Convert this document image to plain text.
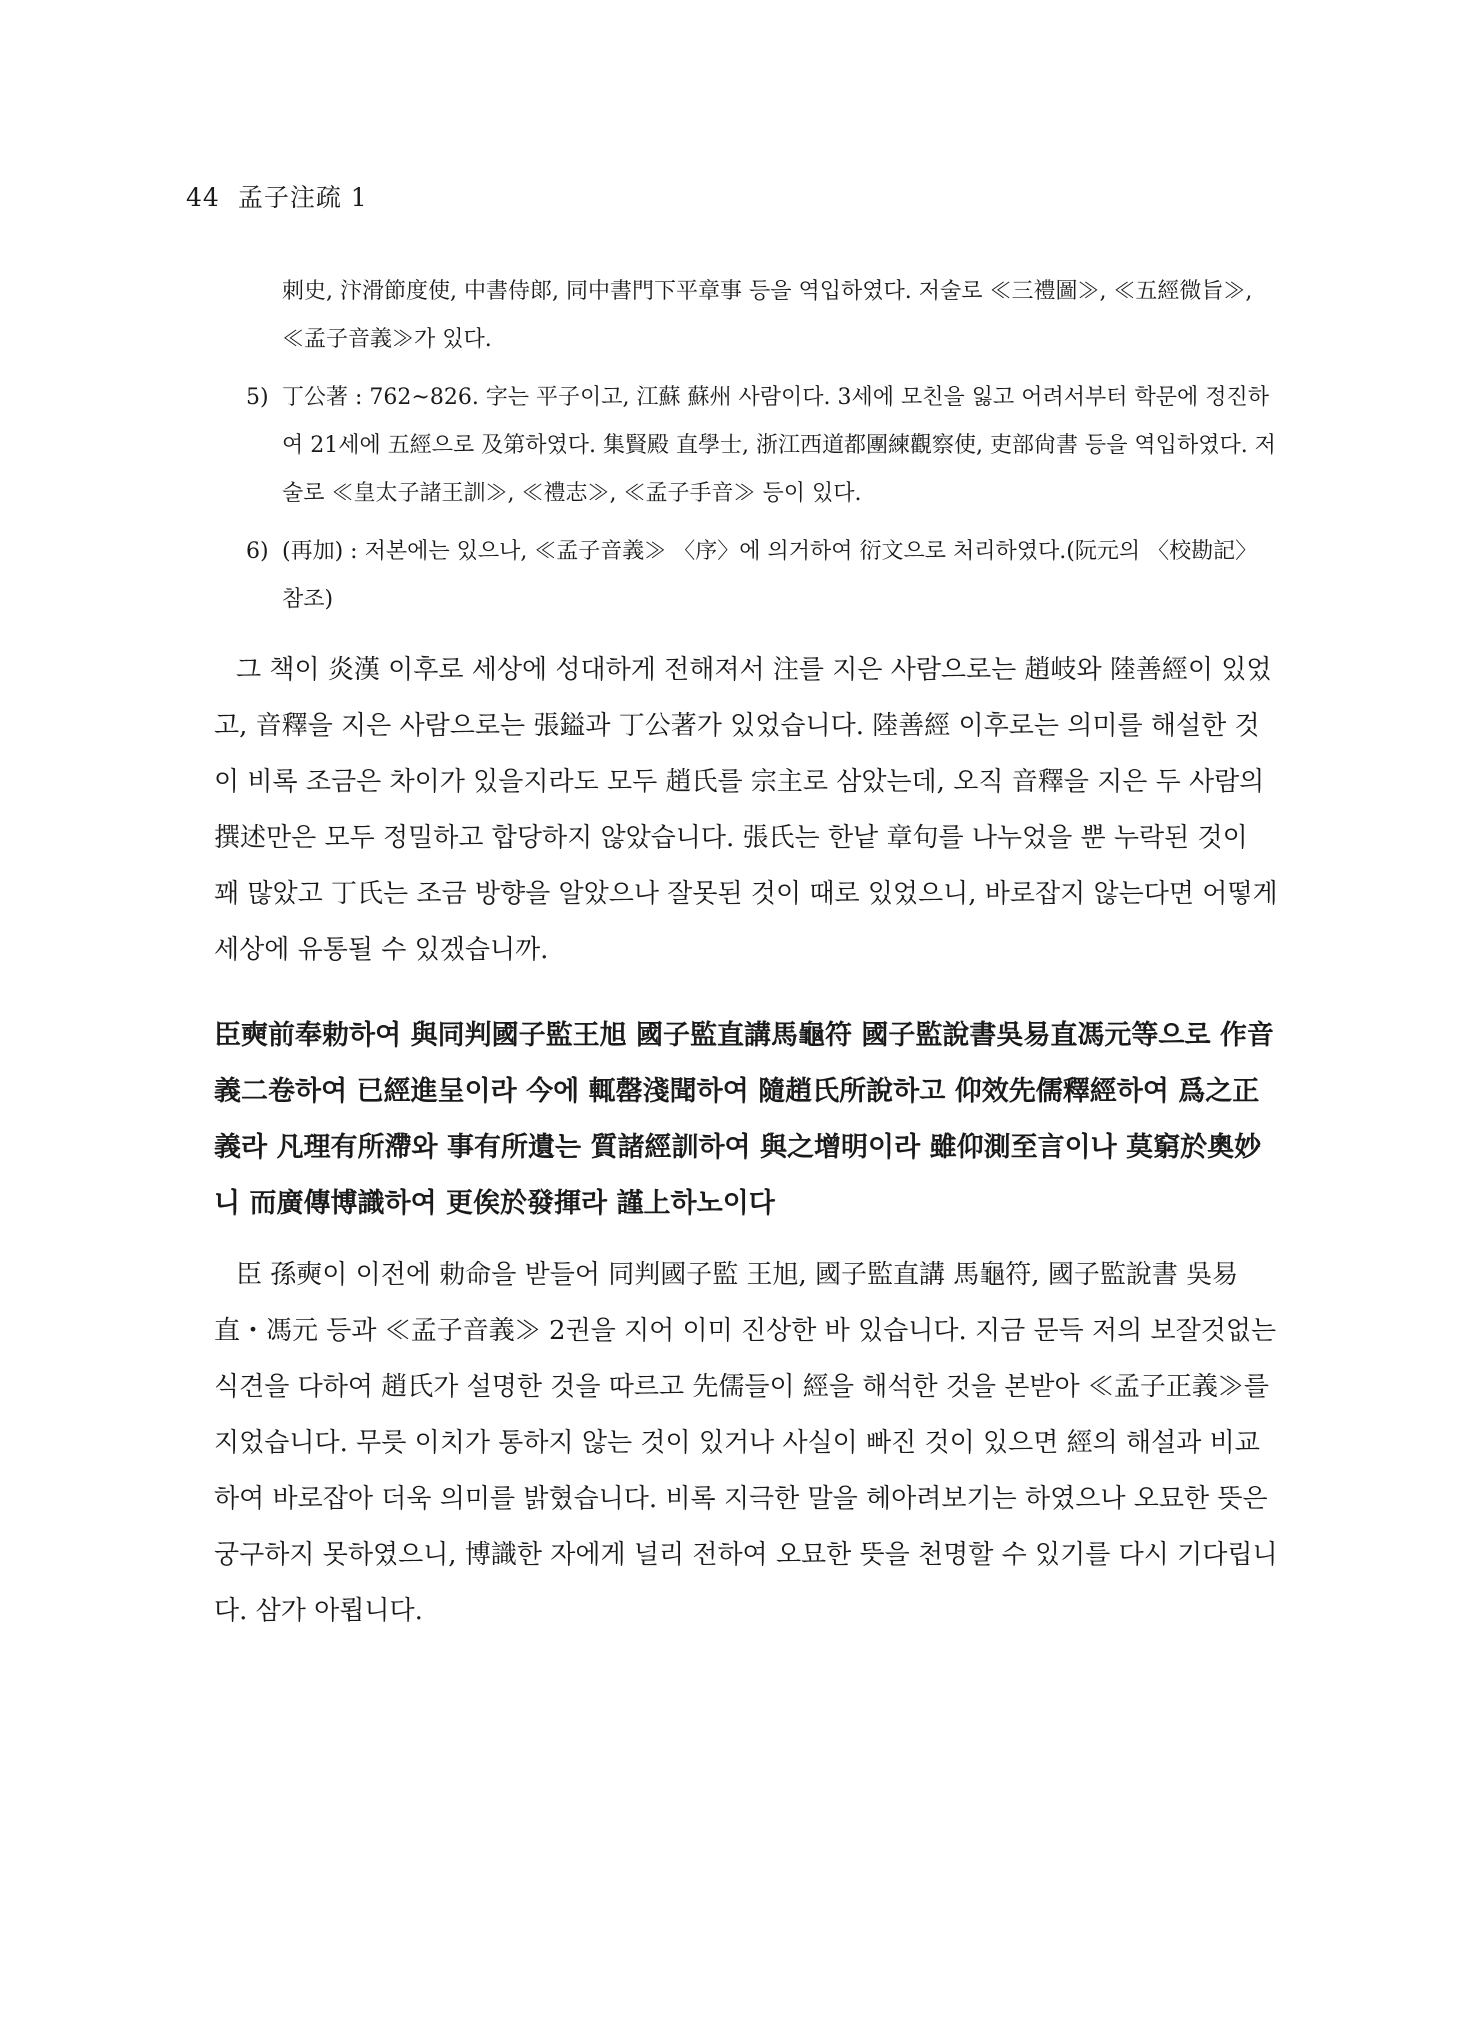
44 孟子注疏 1
刺史, 汴滑節度使, 中書侍郞, 同中書門下平章事 등을 역입하였다. 저술로 ≪三禮圖≫, ≪五經微旨≫, ≪孟子音義≫가 있다.
5) 丁公著 : 762~826. 字는 平子이고, 江蘇 蘇州 사람이다. 3세에 모친을 잃고 어려서부터 학문에 정진하여 21세에 五經으로 及第하였다. 集賢殿 直學士, 浙江西道都團練觀察使, 吏部尙書 등을 역입하였다. 저술로 ≪皇太子諸王訓≫, ≪禮志≫, ≪孟子手音≫ 등이 있다.
6) (再加) : 저본에는 있으나, ≪孟子音義≫ 〈序〉에 의거하여 衍文으로 처리하였다.(阮元의 〈校勘記〉 참조)

그 책이 炎漢 이후로 세상에 성대하게 전해져서 注를 지은 사람으로는 趙岐와 陸善經이 있었고, 音釋을 지은 사람으로는 張鎰과 丁公著가 있었습니다. 陸善經 이후로는 의미를 해설한 것이 비록 조금은 차이가 있을지라도 모두 趙氏를 宗主로 삼았는데, 오직 音釋을 지은 두 사람의 撰述만은 모두 정밀하고 합당하지 않았습니다. 張氏는 한낱 章句를 나누었을 뿐 누락된 것이 꽤 많았고 丁氏는 조금 방향을 알았으나 잘못된 것이 때로 있었으니, 바로잡지 않는다면 어떻게 세상에 유통될 수 있겠습니까.

臣奭前奉勅하여 與同判國子監王旭 國子監直講馬龜符 國子監說書吳易直馮元等으로 作音義二卷하여 已經進呈이라 今에 輒罄淺聞하여 隨趙氏所說하고 仰效先儒釋經하여 爲之正義라 凡理有所滯와 事有所遺는 質諸經訓하여 與之增明이라 雖仰測至言이나 莫窮於奧妙니 而廣傳博識하여 更俟於發揮라 謹上하노이다

臣 孫奭이 이전에 勅命을 받들어 同判國子監 王旭, 國子監直講 馬龜符, 國子監說書 吳易直・馮元 등과 ≪孟子音義≫ 2권을 지어 이미 진상한 바 있습니다. 지금 문득 저의 보잘것없는 식견을 다하여 趙氏가 설명한 것을 따르고 先儒들이 經을 해석한 것을 본받아 ≪孟子正義≫를 지었습니다. 무릇 이치가 통하지 않는 것이 있거나 사실이 빠진 것이 있으면 經의 해설과 비교하여 바로잡아 더욱 의미를 밝혔습니다. 비록 지극한 말을 헤아려보기는 하였으나 오묘한 뜻은 궁구하지 못하였으니, 博識한 자에게 널리 전하여 오묘한 뜻을 천명할 수 있기를 다시 기다립니다. 삼가 아룁니다.
